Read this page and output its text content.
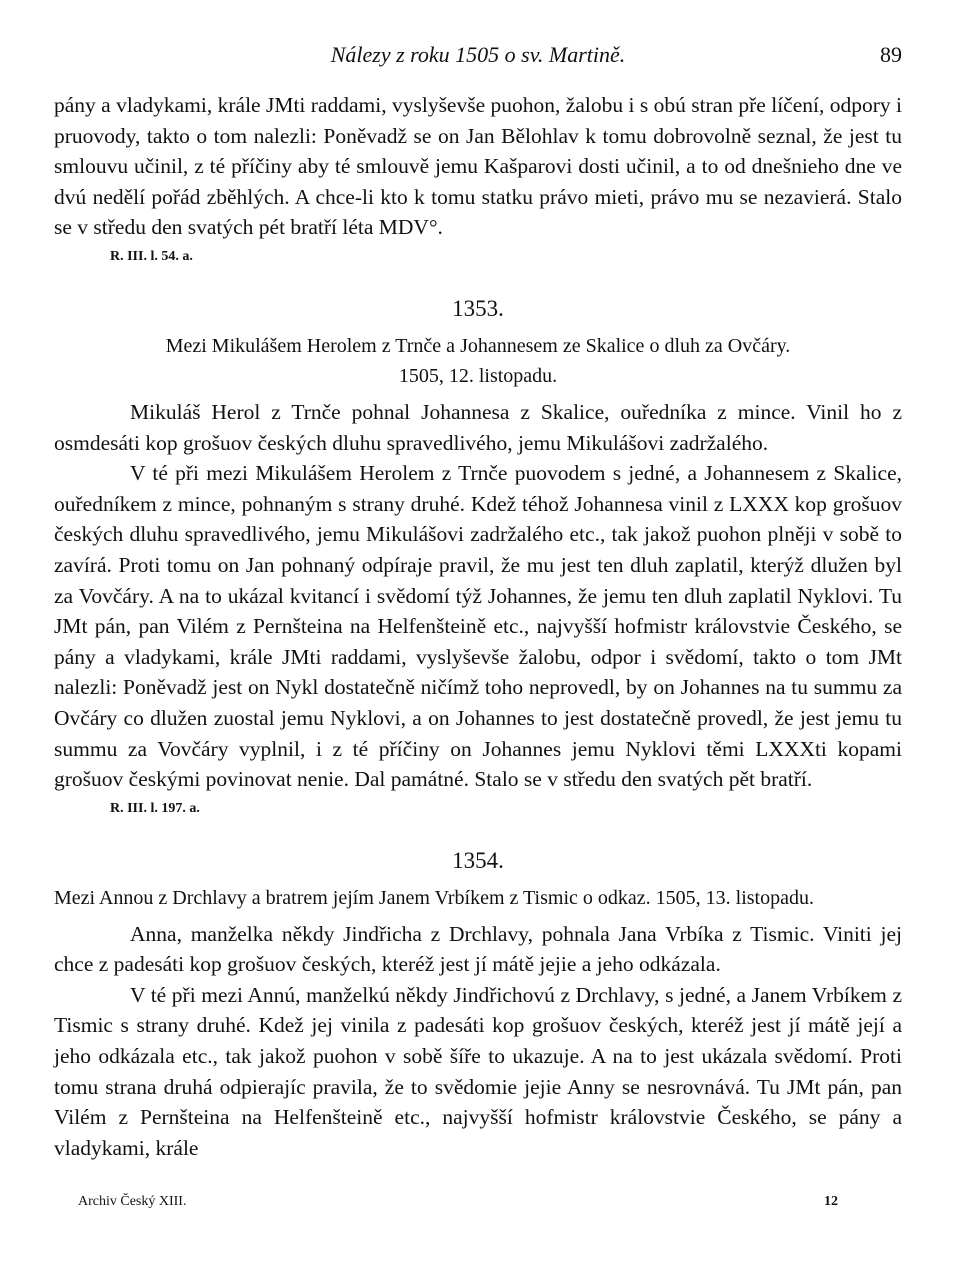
Nálezy z roku 1505 o sv. Martině.	89

pány a vladykami, krále JMti raddami, vyslyševše puohon, žalobu i s obú stran pře líčení, odpory i pruovody, takto o tom nalezli: Poněvadž se on Jan Bělohlav k tomu dobrovolně seznal, že jest tu smlouvu učinil, z té příčiny aby té smlouvě jemu Kašparovi dosti učinil, a to od dnešnieho dne ve dvú nedělí pořád zběhlých. A chce-li kto k tomu statku právo mieti, právo mu se nezavierá. Stalo se v středu den svatých pét bratří léta MDV°.

R. III. l. 54. a.
1353.

Mezi Mikulášem Herolem z Trnče a Johannesem ze Skalice o dluh za Ovčáry.

1505, 12. listopadu.

Mikuláš Herol z Trnče pohnal Johannesa z Skalice, ouředníka z mince. Vinil ho z osmdesáti kop grošuov českých dluhu spravedlivého, jemu Mikulášovi zadržalého.

V té při mezi Mikulášem Herolem z Trnče puovodem s jedné, a Johannesem z Skalice, ouředníkem z mince, pohnaným s strany druhé. Kdež téhož Johannesa vinil z LXXX kop grošuov českých dluhu spravedlivého, jemu Mikulášovi zadržalého etc., tak jakož puohon plněji v sobě to zavírá. Proti tomu on Jan pohnaný odpíraje pravil, že mu jest ten dluh zaplatil, kterýž dlužen byl za Vovčáry. A na to ukázal kvitancí i svědomí týž Johannes, že jemu ten dluh zaplatil Nyklovi. Tu JMt pán, pan Vilém z Pernšteina na Helfenšteině etc., najvyšší hofmistr královstvie Českého, se pány a vladykami, krále JMti raddami, vyslyševše žalobu, odpor i svědomí, takto o tom JMt nalezli: Poněvadž jest on Nykl dostatečně ničímž toho neprovedl, by on Johannes na tu summu za Ovčáry co dlužen zuostal jemu Nyklovi, a on Johannes to jest dostatečně provedl, že jest jemu tu summu za Vovčáry vyplnil, i z té příčiny on Johannes jemu Nyklovi těmi LXXXti kopami grošuov českými povinovat nenie. Dal památné. Stalo se v středu den svatých pět bratří.

R. III. l. 197. a.
1354.

Mezi Annou z Drchlavy a bratrem jejím Janem Vrbíkem z Tismic o odkaz. 1505, 13. listopadu.

Anna, manželka někdy Jindřicha z Drchlavy, pohnala Jana Vrbíka z Tismic. Viniti jej chce z padesáti kop grošuov českých, kteréž jest jí mátě jejie a jeho odkázala.

V té při mezi Annú, manželkú někdy Jindřichovú z Drchlavy, s jedné, a Janem Vrbíkem z Tismic s strany druhé. Kdež jej vinila z padesáti kop grošuov českých, kteréž jest jí mátě její a jeho odkázala etc., tak jakož puohon v sobě šíře to ukazuje. A na to jest ukázala svědomí. Proti tomu strana druhá odpierajíc pravila, že to svědomie jejie Anny se nesrovnává. Tu JMt pán, pan Vilém z Pernšteina na Helfenšteině etc., najvyšší hofmistr královstvie Českého, se pány a vladykami, krále

Archiv Český XIII.	12
